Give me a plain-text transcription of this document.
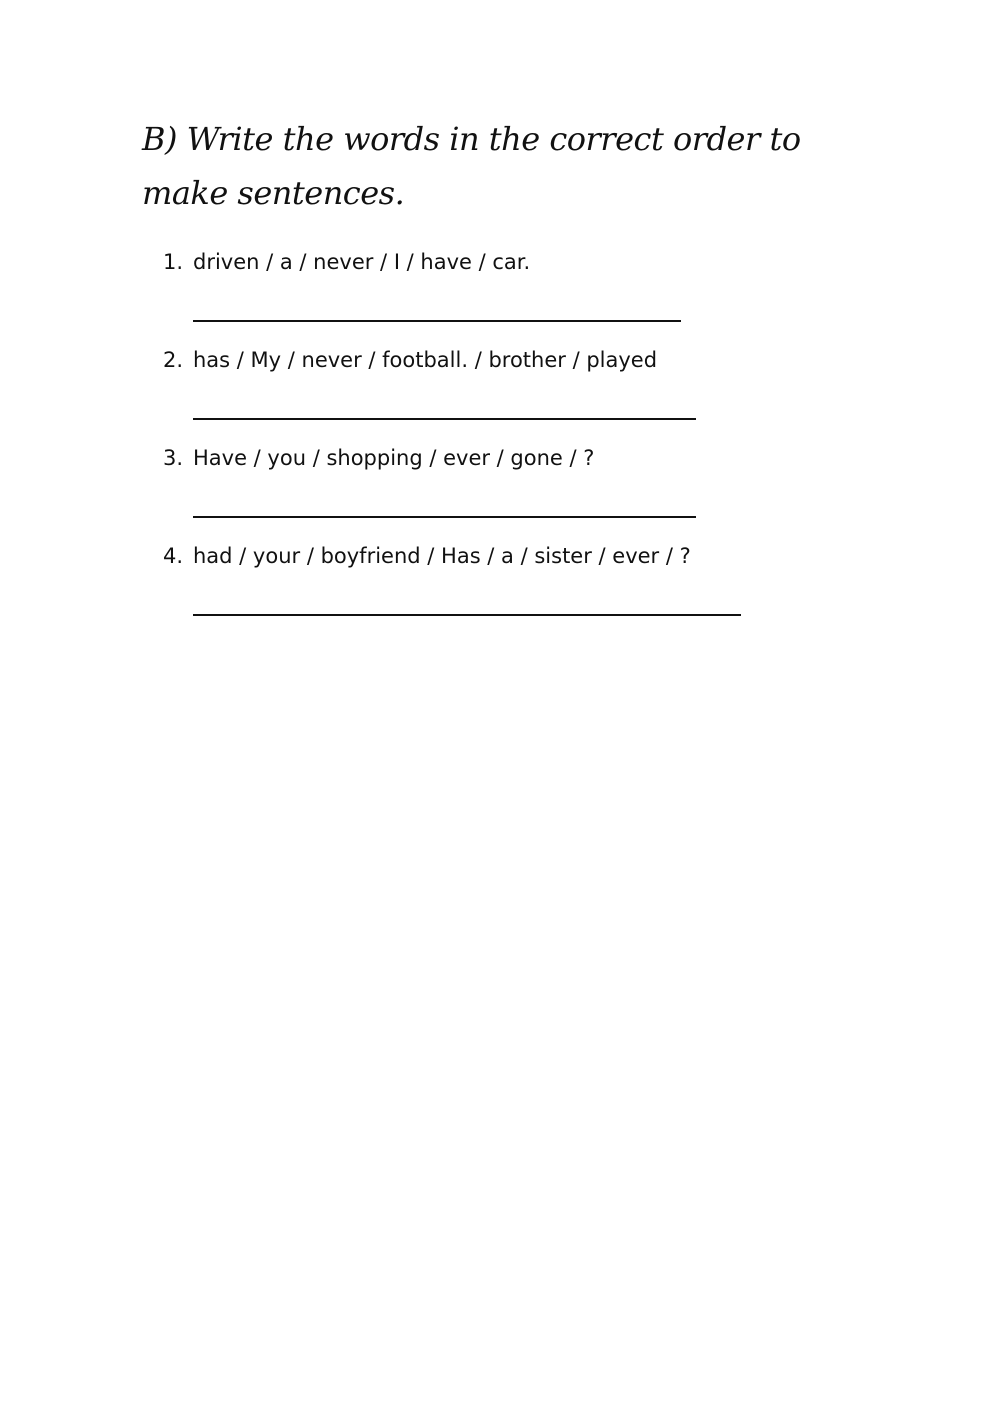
B) Write the words in the correct order to make sentences.
1. driven / a / never / I / have / car.
2. has / My / never / football. / brother / played
3. Have / you / shopping / ever / gone / ?
4. had / your / boyfriend / Has / a / sister / ever / ?
